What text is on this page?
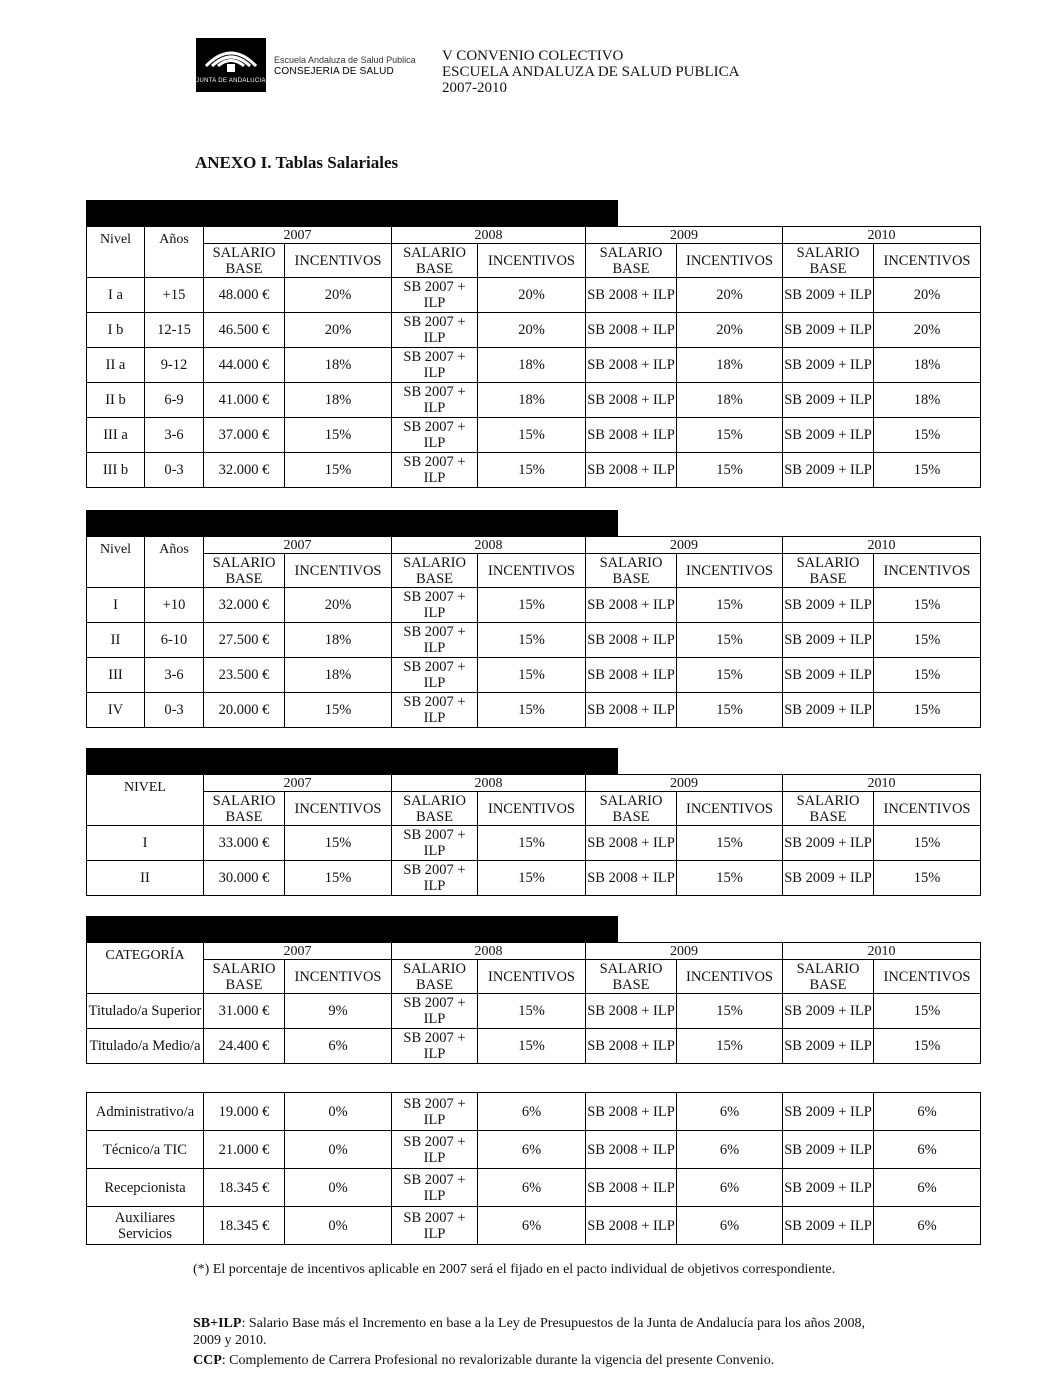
JUNTA DE ANDALUCIA
Escuela Andaluza de Salud Publica
CONSEJERIA DE SALUD
V CONVENIO COLECTIVO
ESCUELA ANDALUZA DE SALUD PUBLICA
2007-2010
ANEXO I. Tablas Salariales
Nivel	Años	2007		2008		2009		2010	
		SALARIO BASE	INCENTIVOS	SALARIO BASE	INCENTIVOS	SALARIO BASE	INCENTIVOS	SALARIO BASE	INCENTIVOS
I a	+15	48.000 €	20%	SB 2007 + ILP	20%	SB 2008 + ILP	20%	SB 2009 + ILP	20%
I b	12-15	46.500 €	20%	SB 2007 + ILP	20%	SB 2008 + ILP	20%	SB 2009 + ILP	20%
II a	9-12	44.000 €	18%	SB 2007 + ILP	18%	SB 2008 + ILP	18%	SB 2009 + ILP	18%
II b	6-9	41.000 €	18%	SB 2007 + ILP	18%	SB 2008 + ILP	18%	SB 2009 + ILP	18%
III a	3-6	37.000 €	15%	SB 2007 + ILP	15%	SB 2008 + ILP	15%	SB 2009 + ILP	15%
III b	0-3	32.000 €	15%	SB 2007 + ILP	15%	SB 2008 + ILP	15%	SB 2009 + ILP	15%
Nivel	Años	2007		2008		2009		2010	
		SALARIO BASE	INCENTIVOS	SALARIO BASE	INCENTIVOS	SALARIO BASE	INCENTIVOS	SALARIO BASE	INCENTIVOS
I	+10	32.000 €	20%	SB 2007 + ILP	15%	SB 2008 + ILP	15%	SB 2009 + ILP	15%
II	6-10	27.500 €	18%	SB 2007 + ILP	15%	SB 2008 + ILP	15%	SB 2009 + ILP	15%
III	3-6	23.500 €	18%	SB 2007 + ILP	15%	SB 2008 + ILP	15%	SB 2009 + ILP	15%
IV	0-3	20.000 €	15%	SB 2007 + ILP	15%	SB 2008 + ILP	15%	SB 2009 + ILP	15%
NIVEL	2007		2008		2009		2010	
	SALARIO BASE	INCENTIVOS	SALARIO BASE	INCENTIVOS	SALARIO BASE	INCENTIVOS	SALARIO BASE	INCENTIVOS
I	33.000 €	15%	SB 2007 + ILP	15%	SB 2008 + ILP	15%	SB 2009 + ILP	15%
II	30.000 €	15%	SB 2007 + ILP	15%	SB 2008 + ILP	15%	SB 2009 + ILP	15%
CATEGORÍA	2007		2008		2009		2010	
	SALARIO BASE	INCENTIVOS	SALARIO BASE	INCENTIVOS	SALARIO BASE	INCENTIVOS	SALARIO BASE	INCENTIVOS
Titulado/a Superior	31.000 €	9%	SB 2007 + ILP	15%	SB 2008 + ILP	15%	SB 2009 + ILP	15%
Titulado/a Medio/a	24.400 €	6%	SB 2007 + ILP	15%	SB 2008 + ILP	15%	SB 2009 + ILP	15%
Administrativo/a	19.000 €	0%	SB 2007 + ILP	6%	SB 2008 + ILP	6%	SB 2009 + ILP	6%
Técnico/a TIC	21.000 €	0%	SB 2007 + ILP	6%	SB 2008 + ILP	6%	SB 2009 + ILP	6%
Recepcionista	18.345 €	0%	SB 2007 + ILP	6%	SB 2008 + ILP	6%	SB 2009 + ILP	6%
Auxiliares Servicios	18.345 €	0%	SB 2007 + ILP	6%	SB 2008 + ILP	6%	SB 2009 + ILP	6%
(*) El porcentaje de incentivos aplicable en 2007 será el fijado en el pacto individual de objetivos correspondiente.
SB+ILP: Salario Base más el Incremento en base a la Ley de Presupuestos de la Junta de Andalucía para los años 2008, 2009 y 2010.
CCP: Complemento de Carrera Profesional no revalorizable durante la vigencia del presente Convenio.
